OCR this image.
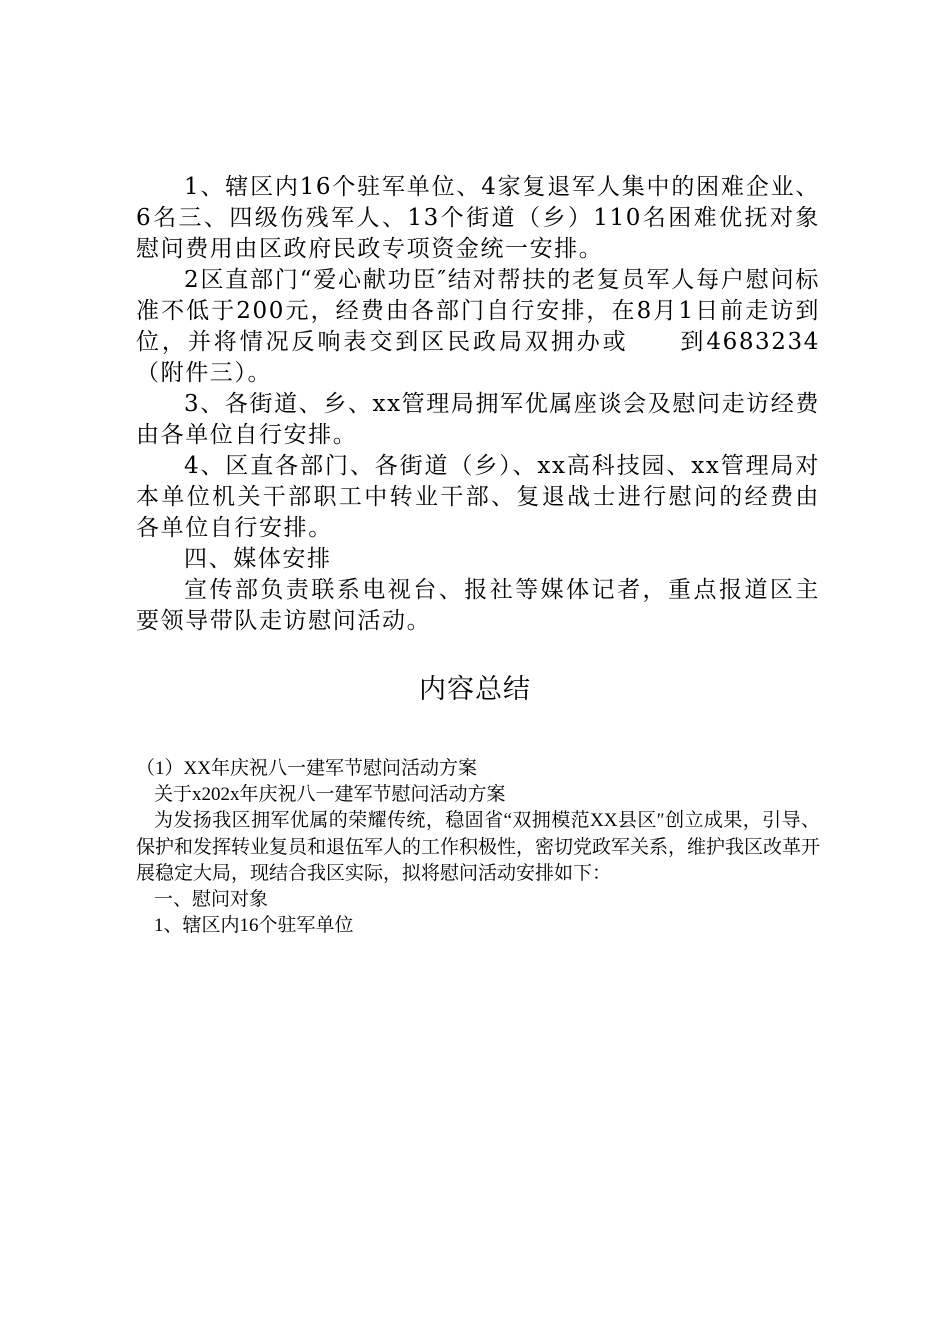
1、辖区内16个驻军单位、4家复退军人集中的困难企业、6名三、四级伤残军人、13个街道（乡）110名困难优抚对象慰问费用由区政府民政专项资金统一安排。

2区直部门“爱心献功臣″结对帮扶的老复员军人每户慰问标准不低于200元，经费由各部门自行安排，在8月1日前走访到位，并将情况反响表交到区民政局双拥办或　　到4683234（附件三）。

3、各街道、乡、xx管理局拥军优属座谈会及慰问走访经费由各单位自行安排。

4、区直各部门、各街道（乡）、xx高科技园、xx管理局对本单位机关干部职工中转业干部、复退战士进行慰问的经费由各单位自行安排。

四、媒体安排

宣传部负责联系电视台、报社等媒体记者，重点报道区主要领导带队走访慰问活动。

内容总结

（1）XX年庆祝八一建军节慰问活动方案

关于x202x年庆祝八一建军节慰问活动方案

为发扬我区拥军优属的荣耀传统，稳固省“双拥模范XX县区″创立成果，引导、保护和发挥转业复员和退伍军人的工作积极性，密切党政军关系，维护我区改革开展稳定大局，现结合我区实际，拟将慰问活动安排如下：

一、慰问对象

1、辖区内16个驻军单位
